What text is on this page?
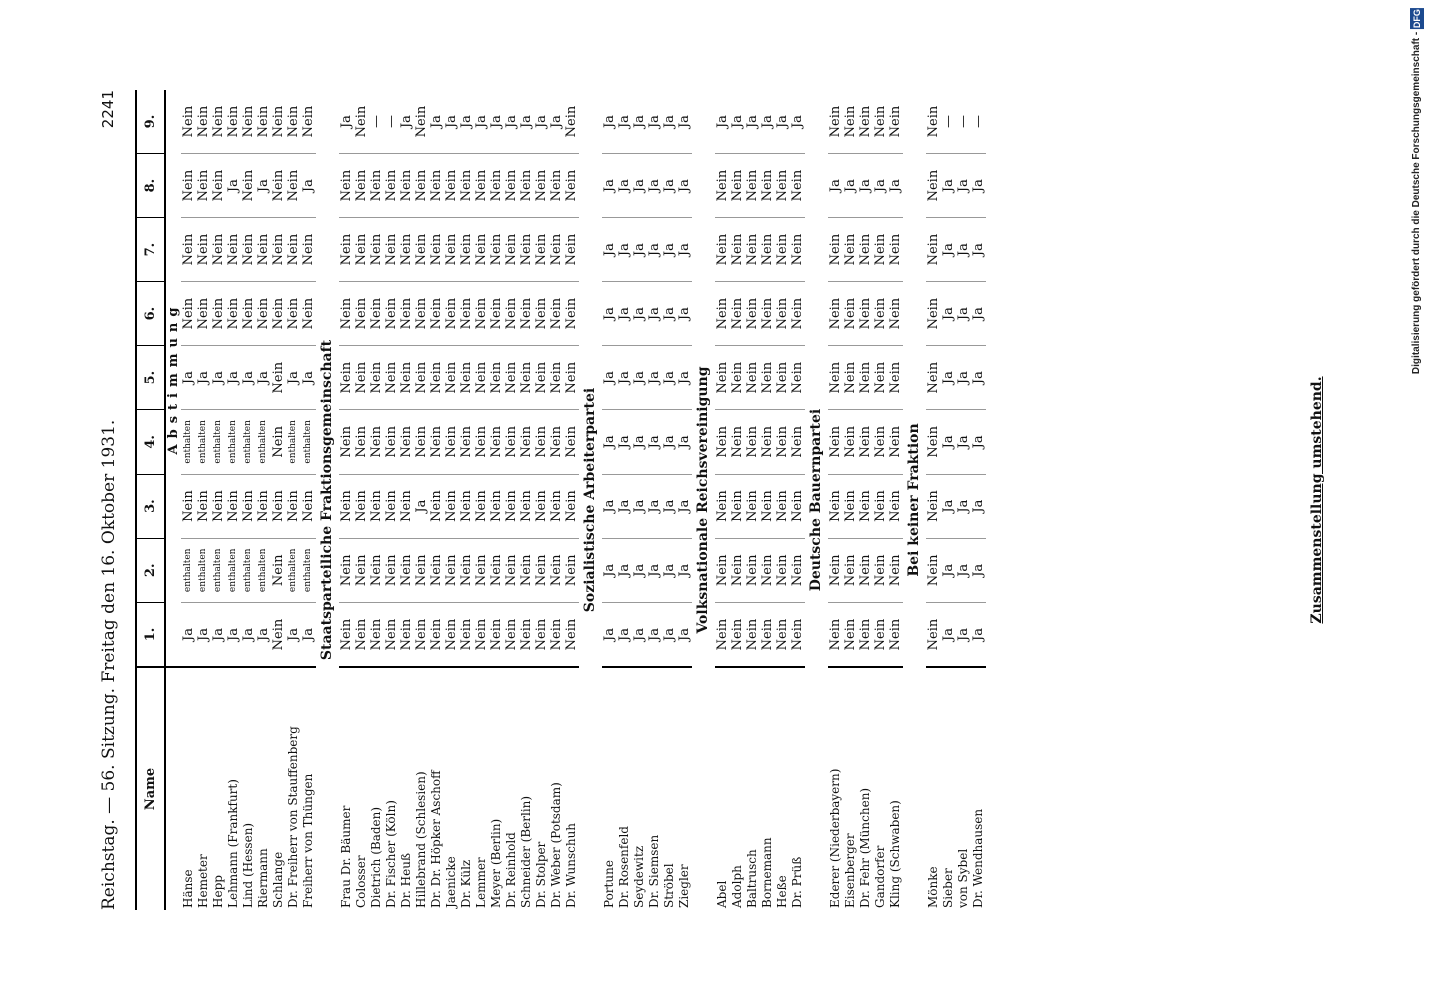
Reichstag. — 56. Sitzung. Freitag den 16. Oktober 1931.
2241
Name	1.	2.	3.	4.	5.	6.	7.	8.	9.
	Abstimmung								
Hänse	Ja	enthalten	Nein	enthalten	Ja	Nein	Nein	Nein	Nein
Hemeter	Ja	enthalten	Nein	enthalten	Ja	Nein	Nein	Nein	Nein
Hepp	Ja	enthalten	Nein	enthalten	Ja	Nein	Nein	Nein	Nein
Lehmann (Frankfurt)	Ja	enthalten	Nein	enthalten	Ja	Nein	Nein	Ja	Nein
Lind (Hessen)	Ja	enthalten	Nein	enthalten	Ja	Nein	Nein	Nein	Nein
Riermann	Ja	enthalten	Nein	enthalten	Ja	Nein	Nein	Ja	Nein
Schlange	Nein	Nein	Nein	Nein	Nein	Nein	Nein	Nein	Nein
Dr. Freiherr von Stauffenberg	Ja	enthalten	Nein	enthalten	Ja	Nein	Nein	Nein	Nein
Freiherr von Thüngen	Ja	enthalten	Nein	enthalten	Ja	Nein	Nein	Ja	Nein
Staatsparteiliche Fraktionsgemeinschaft									
Frau Dr. Bäumer	Nein	Nein	Nein	Nein	Nein	Nein	Nein	Nein	Ja
Colosser	Nein	Nein	Nein	Nein	Nein	Nein	Nein	Nein	Nein
Dietrich (Baden)	Nein	Nein	Nein	Nein	Nein	Nein	Nein	Nein	—
Dr. Fischer (Köln)	Nein	Nein	Nein	Nein	Nein	Nein	Nein	Nein	—
Dr. Heuß	Nein	Nein	Nein	Nein	Nein	Nein	Nein	Nein	Ja
Hillebrand (Schlesien)	Nein	Nein	Ja	Nein	Nein	Nein	Nein	Nein	Nein
Dr. Dr. Höpker Aschoff	Nein	Nein	Nein	Nein	Nein	Nein	Nein	Nein	Ja
Jaenicke	Nein	Nein	Nein	Nein	Nein	Nein	Nein	Nein	Ja
Dr. Külz	Nein	Nein	Nein	Nein	Nein	Nein	Nein	Nein	Ja
Lemmer	Nein	Nein	Nein	Nein	Nein	Nein	Nein	Nein	Ja
Meyer (Berlin)	Nein	Nein	Nein	Nein	Nein	Nein	Nein	Nein	Ja
Dr. Reinhold	Nein	Nein	Nein	Nein	Nein	Nein	Nein	Nein	Ja
Schneider (Berlin)	Nein	Nein	Nein	Nein	Nein	Nein	Nein	Nein	Ja
Dr. Stolper	Nein	Nein	Nein	Nein	Nein	Nein	Nein	Nein	Ja
Dr. Weber (Potsdam)	Nein	Nein	Nein	Nein	Nein	Nein	Nein	Nein	Ja
Dr. Wunschuh	Nein	Nein	Nein	Nein	Nein	Nein	Nein	Nein	Nein
Sozialistische Arbeiterpartei									
Portune	Ja	Ja	Ja	Ja	Ja	Ja	Ja	Ja	Ja
Dr. Rosenfeld	Ja	Ja	Ja	Ja	Ja	Ja	Ja	Ja	Ja
Seydewitz	Ja	Ja	Ja	Ja	Ja	Ja	Ja	Ja	Ja
Dr. Siemsen	Ja	Ja	Ja	Ja	Ja	Ja	Ja	Ja	Ja
Ströbel	Ja	Ja	Ja	Ja	Ja	Ja	Ja	Ja	Ja
Ziegler	Ja	Ja	Ja	Ja	Ja	Ja	Ja	Ja	Ja
Volksnationale Reichsvereinigung									
Abel	Nein	Nein	Nein	Nein	Nein	Nein	Nein	Nein	Ja
Adolph	Nein	Nein	Nein	Nein	Nein	Nein	Nein	Nein	Ja
Baltrusch	Nein	Nein	Nein	Nein	Nein	Nein	Nein	Nein	Ja
Bornemann	Nein	Nein	Nein	Nein	Nein	Nein	Nein	Nein	Ja
Heße	Nein	Nein	Nein	Nein	Nein	Nein	Nein	Nein	Ja
Dr. Prüß	Nein	Nein	Nein	Nein	Nein	Nein	Nein	Nein	Ja
Deutsche Bauernpartei									
Ederer (Niederbayern)	Nein	Nein	Nein	Nein	Nein	Nein	Nein	Ja	Nein
Eisenberger	Nein	Nein	Nein	Nein	Nein	Nein	Nein	Ja	Nein
Dr. Fehr (München)	Nein	Nein	Nein	Nein	Nein	Nein	Nein	Ja	Nein
Gandorfer	Nein	Nein	Nein	Nein	Nein	Nein	Nein	Ja	Nein
Kling (Schwaben)	Nein	Nein	Nein	Nein	Nein	Nein	Nein	Ja	Nein
Bei keiner Fraktion									
Mönke	Nein	Nein	Nein	Nein	Nein	Nein	Nein	Nein	Nein
Sieber	Ja	Ja	Ja	Ja	Ja	Ja	Ja	Ja	—
von Sybel	Ja	Ja	Ja	Ja	Ja	Ja	Ja	Ja	—
Dr. Wendhausen	Ja	Ja	Ja	Ja	Ja	Ja	Ja	Ja	—
Zusammenstellung umstehend.
Digitalisierung gefördert durch die Deutsche Forschungsgemeinschaft - DFG
